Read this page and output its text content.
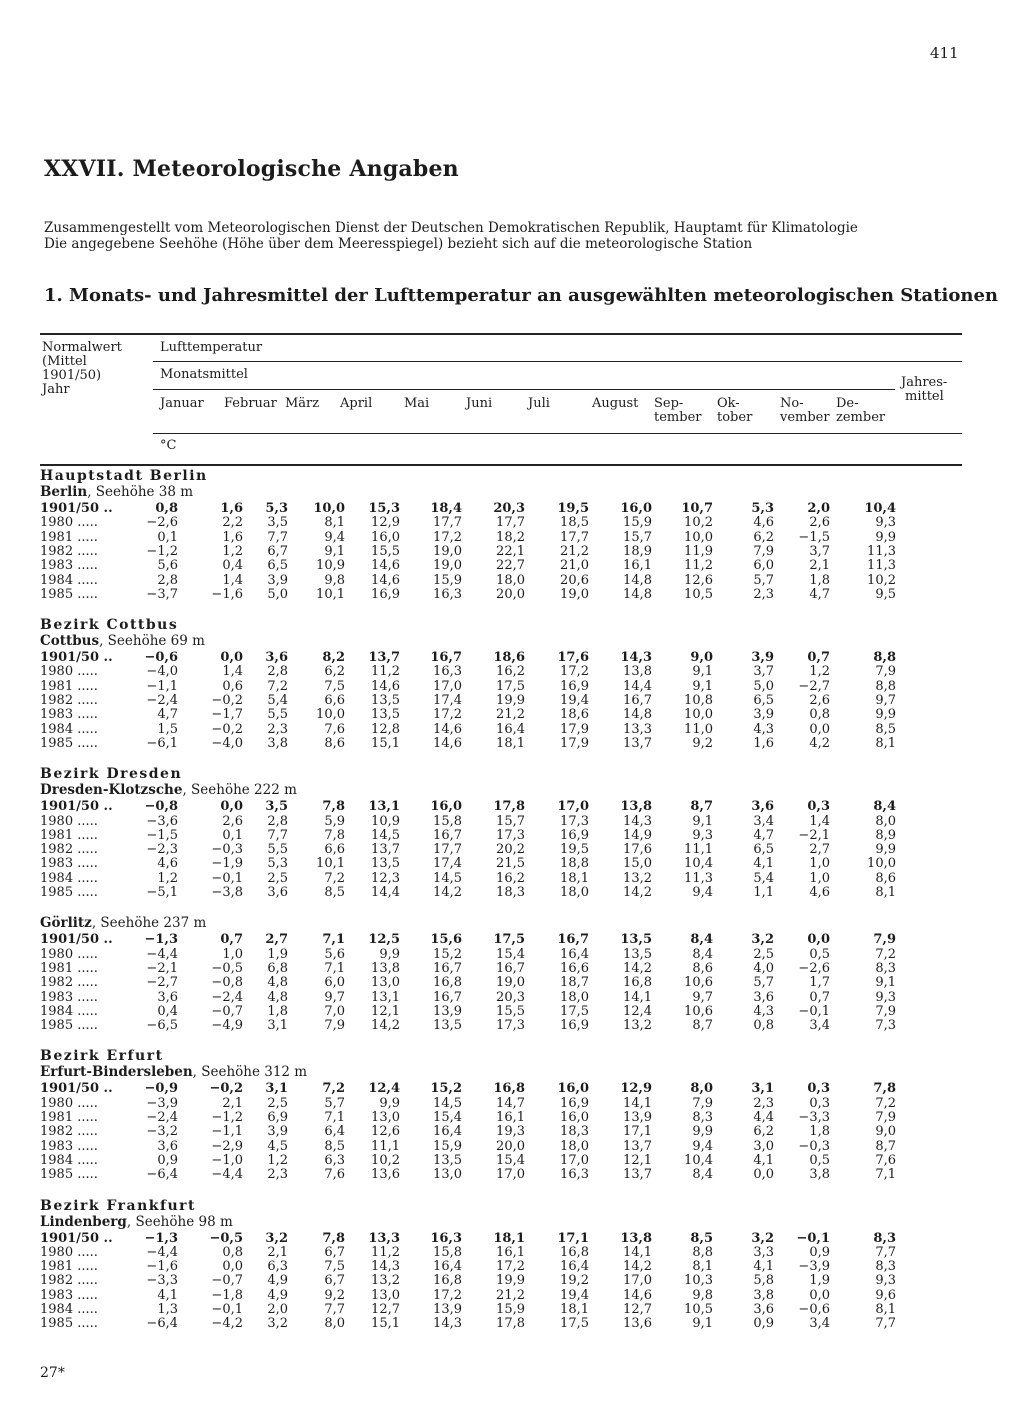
411
XXVII. Meteorologische Angaben
Zusammengestellt vom Meteorologischen Dienst der Deutschen Demokratischen Republik, Hauptamt für Klimatologie
Die angegebene Seehöhe (Höhe über dem Meeresspiegel) bezieht sich auf die meteorologische Station
1. Monats- und Jahresmittel der Lufttemperatur an ausgewählten meteorologischen Stationen
Normalwert
(Mittel
1901/50)
Jahr
Lufttemperatur
Monatsmittel
Jahres-
mittel
°C
Januar Februar März April Mai	Juni	Juli	August Sep-
tember
Ok-
tober
No-
vember
De-
zember
Hauptstadt Berlin
Berlin, Seehöhe 38 m
1901/50 ..	0,8	1,6	5,3	10,0	15,3	18,4	20,3	19,5	16,0	10,7	5,3	2,0	10,4
1980 .....	−2,6	2,2	3,5	8,1	12,9	17,7	17,7	18,5	15,9	10,2	4,6	2,6	9,3
1981 .....	0,1	1,6	7,7	9,4	16,0	17,2	18,2	17,7	15,7	10,0	6,2	−1,5	9,9
1982 .....	−1,2	1,2	6,7	9,1	15,5	19,0	22,1	21,2	18,9	11,9	7,9	3,7	11,3
1983 .....	5,6	0,4	6,5	10,9	14,6	19,0	22,7	21,0	16,1	11,2	6,0	2,1	11,3
1984 .....	2,8	1,4	3,9	9,8	14,6	15,9	18,0	20,6	14,8	12,6	5,7	1,8	10,2
1985 .....	−3,7	−1,6	5,0	10,1	16,9	16,3	20,0	19,0	14,8	10,5	2,3	4,7	9,5
Bezirk Cottbus
Cottbus, Seehöhe 69 m
1901/50 ..	−0,6	0,0	3,6	8,2	13,7	16,7	18,6	17,6	14,3	9,0	3,9	0,7	8,8
1980 .....	−4,0	1,4	2,8	6,2	11,2	16,3	16,2	17,2	13,8	9,1	3,7	1,2	7,9
1981 .....	−1,1	0,6	7,2	7,5	14,6	17,0	17,5	16,9	14,4	9,1	5,0	−2,7	8,8
1982 .....	−2,4	−0,2	5,4	6,6	13,5	17,4	19,9	19,4	16,7	10,8	6,5	2,6	9,7
1983 .....	4,7	−1,7	5,5	10,0	13,5	17,2	21,2	18,6	14,8	10,0	3,9	0,8	9,9
1984 .....	1,5	−0,2	2,3	7,6	12,8	14,6	16,4	17,9	13,3	11,0	4,3	0,0	8,5
1985 .....	−6,1	−4,0	3,8	8,6	15,1	14,6	18,1	17,9	13,7	9,2	1,6	4,2	8,1
Bezirk Dresden
Dresden-Klotzsche, Seehöhe 222 m
1901/50 ..	−0,8	0,0	3,5	7,8	13,1	16,0	17,8	17,0	13,8	8,7	3,6	0,3	8,4
1980 .....	−3,6	2,6	2,8	5,9	10,9	15,8	15,7	17,3	14,3	9,1	3,4	1,4	8,0
1981 .....	−1,5	0,1	7,7	7,8	14,5	16,7	17,3	16,9	14,9	9,3	4,7	−2,1	8,9
1982 .....	−2,3	−0,3	5,5	6,6	13,7	17,7	20,2	19,5	17,6	11,1	6,5	2,7	9,9
1983 .....	4,6	−1,9	5,3	10,1	13,5	17,4	21,5	18,8	15,0	10,4	4,1	1,0	10,0
1984 .....	1,2	−0,1	2,5	7,2	12,3	14,5	16,2	18,1	13,2	11,3	5,4	1,0	8,6
1985 .....	−5,1	−3,8	3,6	8,5	14,4	14,2	18,3	18,0	14,2	9,4	1,1	4,6	8,1
Görlitz, Seehöhe 237 m
1901/50 ..	−1,3	0,7	2,7	7,1	12,5	15,6	17,5	16,7	13,5	8,4	3,2	0,0	7,9
1980 .....	−4,4	1,0	1,9	5,6	9,9	15,2	15,4	16,4	13,5	8,4	2,5	0,5	7,2
1981 .....	−2,1	−0,5	6,8	7,1	13,8	16,7	16,7	16,6	14,2	8,6	4,0	−2,6	8,3
1982 .....	−2,7	−0,8	4,8	6,0	13,0	16,8	19,0	18,7	16,8	10,6	5,7	1,7	9,1
1983 .....	3,6	−2,4	4,8	9,7	13,1	16,7	20,3	18,0	14,1	9,7	3,6	0,7	9,3
1984 .....	0,4	−0,7	1,8	7,0	12,1	13,9	15,5	17,5	12,4	10,6	4,3	−0,1	7,9
1985 .....	−6,5	−4,9	3,1	7,9	14,2	13,5	17,3	16,9	13,2	8,7	0,8	3,4	7,3
Bezirk Erfurt
Erfurt-Bindersleben, Seehöhe 312 m
1901/50 ..	−0,9	−0,2	3,1	7,2	12,4	15,2	16,8	16,0	12,9	8,0	3,1	0,3	7,8
1980 .....	−3,9	2,1	2,5	5,7	9,9	14,5	14,7	16,9	14,1	7,9	2,3	0,3	7,2
1981 .....	−2,4	−1,2	6,9	7,1	13,0	15,4	16,1	16,0	13,9	8,3	4,4	−3,3	7,9
1982 .....	−3,2	−1,1	3,9	6,4	12,6	16,4	19,3	18,3	17,1	9,9	6,2	1,8	9,0
1983 .....	3,6	−2,9	4,5	8,5	11,1	15,9	20,0	18,0	13,7	9,4	3,0	−0,3	8,7
1984 .....	0,9	−1,0	1,2	6,3	10,2	13,5	15,4	17,0	12,1	10,4	4,1	0,5	7,6
1985 .....	−6,4	−4,4	2,3	7,6	13,6	13,0	17,0	16,3	13,7	8,4	0,0	3,8	7,1
Bezirk Frankfurt
Lindenberg, Seehöhe 98 m
1901/50 ..	−1,3	−0,5	3,2	7,8	13,3	16,3	18,1	17,1	13,8	8,5	3,2	−0,1	8,3
1980 .....	−4,4	0,8	2,1	6,7	11,2	15,8	16,1	16,8	14,1	8,8	3,3	0,9	7,7
1981 .....	−1,6	0,0	6,3	7,5	14,3	16,4	17,2	16,4	14,2	8,1	4,1	−3,9	8,3
1982 .....	−3,3	−0,7	4,9	6,7	13,2	16,8	19,9	19,2	17,0	10,3	5,8	1,9	9,3
1983 .....	4,1	−1,8	4,9	9,2	13,0	17,2	21,2	19,4	14,6	9,8	3,8	0,0	9,6
1984 .....	1,3	−0,1	2,0	7,7	12,7	13,9	15,9	18,1	12,7	10,5	3,6	−0,6	8,1
1985 .....	−6,4	−4,2	3,2	8,0	15,1	14,3	17,8	17,5	13,6	9,1	0,9	3,4	7,7
27*
